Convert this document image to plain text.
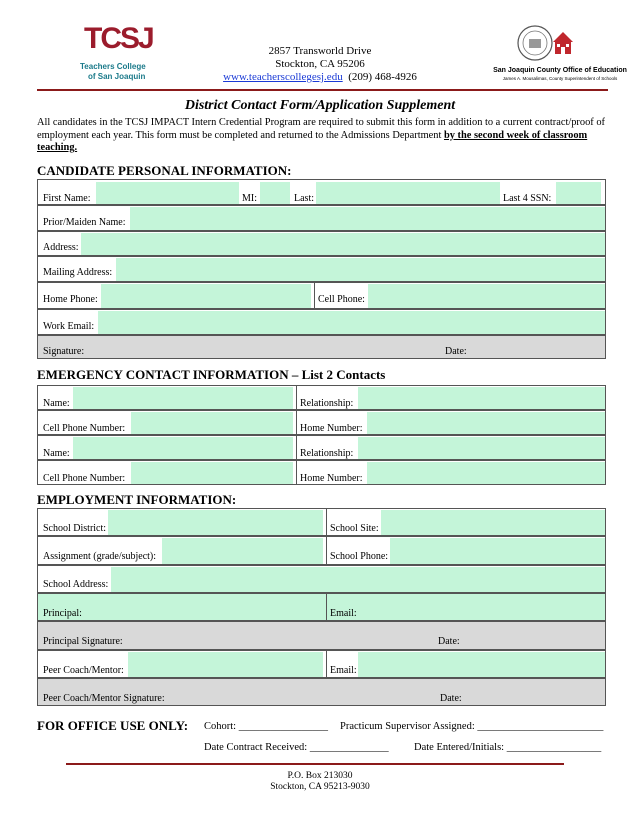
TCSJ
Teachers College
of San Joaquin
2857 Transworld Drive
Stockton, CA 95206
www.teacherscollegesj.edu (209) 468-4926
San Joaquin County Office of Education
James A. Mousalimas, County Superintendent of Schools
District Contact Form/Application Supplement
All candidates in the TCSJ IMPACT Intern Credential Program are required to submit this form in addition to a current contract/proof of employment each year. This form must be completed and returned to the Admissions Department by the second week of classroom teaching.
CANDIDATE PERSONAL INFORMATION:
First Name:	MI:	Last:	Last 4 SSN:
Prior/Maiden Name:
Address:
Mailing Address:
Home Phone:	Cell Phone:
Work Email:
Signature:	Date:
EMERGENCY CONTACT INFORMATION – List 2 Contacts
Name:	Relationship:
Cell Phone Number:	Home Number:
Name:	Relationship:
Cell Phone Number:	Home Number:
EMPLOYMENT INFORMATION:
School District:	School Site:
Assignment (grade/subject):	School Phone:
School Address:
Principal:	Email:
Principal Signature:	Date:
Peer Coach/Mentor:	Email:
Peer Coach/Mentor Signature:	Date:
FOR OFFICE USE ONLY: Cohort: _________________ Practicum Supervisor Assigned: ________________________
Date Contract Received: _______________ Date Entered/Initials: __________________
P.O. Box 213030
Stockton, CA 95213-9030
